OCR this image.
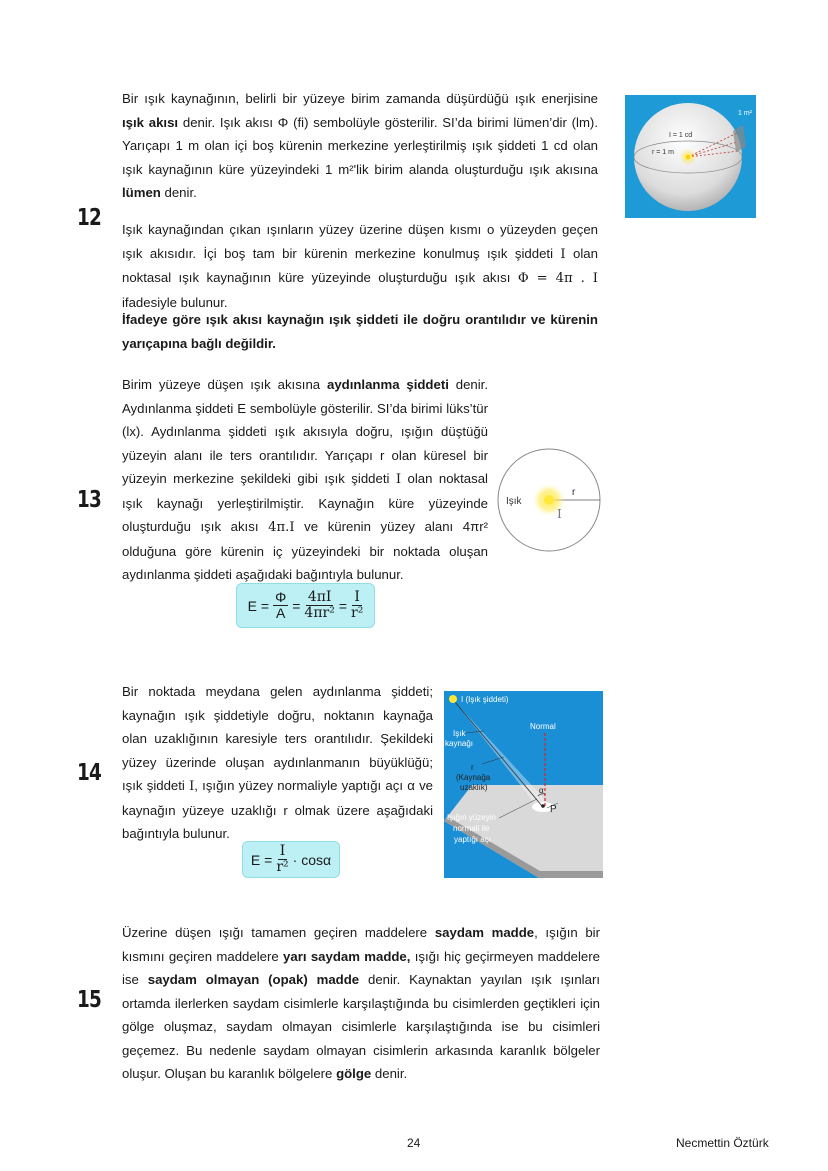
12
Bir ışık kaynağının, belirli bir yüzeye birim zamanda düşürdüğü ışık enerjisine ışık akısı denir. Işık akısı Φ (fi) sembolüyle gösterilir. SI’da birimi lümen’dir (lm). Yarıçapı 1 m olan içi boş kürenin merkezine yerleştirilmiş ışık şiddeti 1 cd olan ışık kaynağının küre yüzeyindeki 1 m²'lik birim alanda oluşturduğu ışık akısına lümen denir.
Işık kaynağından çıkan ışınların yüzey üzerine düşen kısmı o yüzeyden geçen ışık akısıdır. İçi boş tam bir kürenin merkezine konulmuş ışık şiddeti I olan noktasal ışık kaynağının küre yüzeyinde oluşturduğu ışık akısı Φ = 4π . I ifadesiyle bulunur.
İfadeye göre ışık akısı kaynağın ışık şiddeti ile doğru orantılıdır ve kürenin yarıçapına bağlı değildir.
1 m²
I = 1 cd
r = 1 m
13
Birim yüzeye düşen ışık akısına aydınlanma şiddeti denir. Aydınlanma şiddeti E sembolüyle gösterilir. SI’da birimi lüks’tür (lx). Aydınlanma şiddeti ışık akısıyla doğru, ışığın düştüğü yüzeyin alanı ile ters orantılıdır. Yarıçapı r olan küresel bir yüzeyin merkezine şekildeki gibi ışık şiddeti I olan noktasal ışık kaynağı yerleştirilmiştir. Kaynağın küre yüzeyinde oluşturduğu ışık akısı 4π.I ve kürenin yüzey alanı 4πr² olduğuna göre kürenin iç yüzeyindeki bir noktada oluşan aydınlanma şiddeti aşağıdaki bağıntıyla bulunur.
$E = \frac{\Phi}{A} = \frac{4\pi I}{\text{4πr²}} = \frac{I}{\text{r²}}$
Işık
r
I
14
Bir noktada meydana gelen aydınlanma şiddeti; kaynağın ışık şiddetiyle doğru, noktanın kaynağa olan uzaklığının karesiyle ters orantılıdır. Şekildeki yüzey üzerinde oluşan aydınlanmanın büyüklüğü; ışık şiddeti I, ışığın yüzey normaliyle yaptığı açı α ve kaynağın yüzeye uzaklığı r olmak üzere aşağıdaki bağıntıyla bulunur.
$E = \frac{I}{\text{r²}} \cdot \cos\alpha$
I (Işık şiddeti)
Işık
kaynağı
Normal
r
(Kaynağa
uzaklık)	α
P
Işığın yüzeyin
normali ile
yaptığı açı
15
Üzerine düşen ışığı tamamen geçiren maddelere saydam madde, ışığın bir kısmını geçiren maddelere yarı saydam madde, ışığı hiç geçirmeyen maddelere ise saydam olmayan (opak) madde denir. Kaynaktan yayılan ışık ışınları ortamda ilerlerken saydam cisimlerle karşılaştığında bu cisimlerden geçtikleri için gölge oluşmaz, saydam olmayan cisimlerle karşılaştığında ise bu cisimleri geçemez. Bu nedenle saydam olmayan cisimlerin arkasında karanlık bölgeler oluşur. Oluşan bu karanlık bölgelere gölge denir.
24	Necmettin Öztürk
